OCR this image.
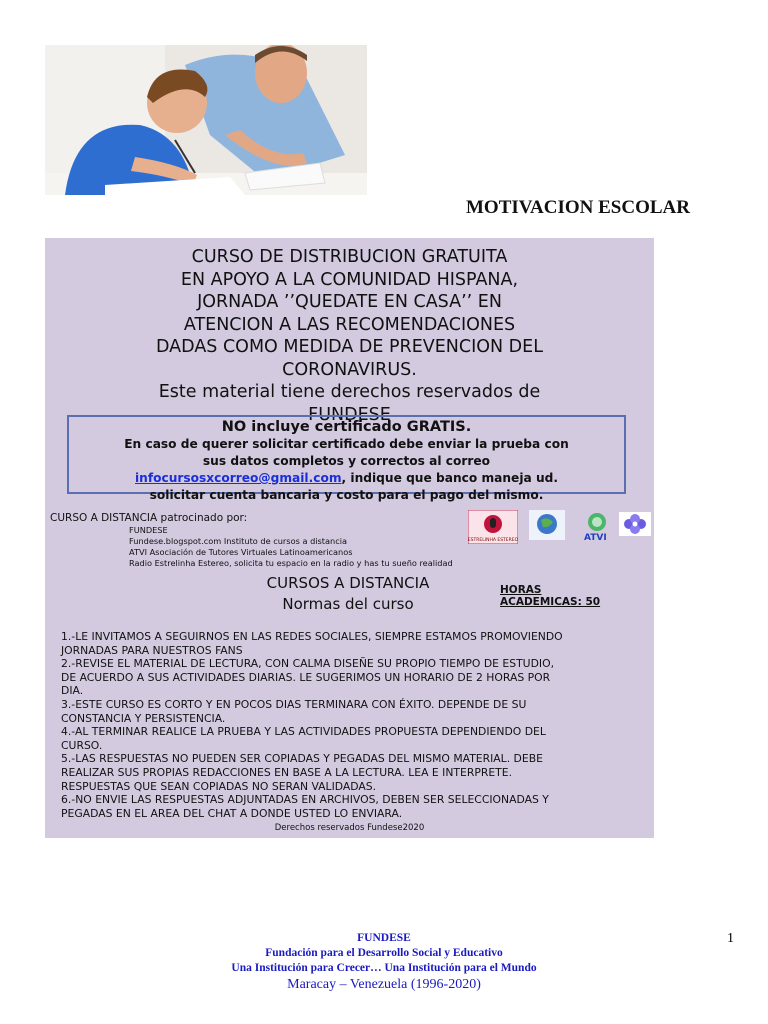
MOTIVACION ESCOLAR
CURSO DE DISTRIBUCION GRATUITA
EN APOYO A LA COMUNIDAD HISPANA,
JORNADA ’’QUEDATE EN CASA’’ EN
ATENCION A LAS RECOMENDACIONES
DADAS COMO MEDIDA DE PREVENCION DEL
CORONAVIRUS.
Este material tiene derechos reservados de
FUNDESE
NO incluye certificado GRATIS.
En caso de querer solicitar certificado debe enviar la prueba con
sus datos completos y correctos al correo
infocursosxcorreo@gmail.com, indique que banco maneja ud.
solicitar cuenta bancaria y costo para el pago del mismo.
CURSO A DISTANCIA patrocinado por:
FUNDESE
Fundese.blogspot.com Instituto de cursos a distancia
ATVI Asociación de Tutores Virtuales Latinoamericanos
Radio Estrelinha Estereo, solicita tu espacio en la radio y has tu sueño realidad
ESTRELINHA ESTEREO	ATVI
CURSOS A DISTANCIA
Normas del curso
HORAS
ACADEMICAS: 50
1.-LE INVITAMOS A SEGUIRNOS EN LAS REDES SOCIALES, SIEMPRE ESTAMOS PROMOVIENDO
JORNADAS PARA NUESTROS FANS
2.-REVISE EL MATERIAL DE LECTURA, CON CALMA DISEÑE SU PROPIO TIEMPO DE ESTUDIO,
DE ACUERDO A SUS ACTIVIDADES DIARIAS. LE SUGERIMOS UN HORARIO DE 2 HORAS POR
DIA.
3.-ESTE CURSO ES CORTO Y EN POCOS DIAS TERMINARA CON ÉXITO. DEPENDE DE SU
CONSTANCIA Y PERSISTENCIA.
4.-AL TERMINAR REALICE LA PRUEBA Y LAS ACTIVIDADES PROPUESTA DEPENDIENDO DEL
CURSO.
5.-LAS RESPUESTAS NO PUEDEN SER COPIADAS Y PEGADAS DEL MISMO MATERIAL. DEBE
REALIZAR SUS PROPIAS REDACCIONES EN BASE A LA LECTURA. LEA E INTERPRETE.
RESPUESTAS QUE SEAN COPIADAS NO SERAN VALIDADAS.
6.-NO ENVIE LAS RESPUESTAS ADJUNTADAS EN ARCHIVOS, DEBEN SER SELECCIONADAS Y
PEGADAS EN EL AREA DEL CHAT A DONDE USTED LO ENVIARA.
Derechos reservados Fundese2020
1
FUNDESE
Fundación para el Desarrollo Social y Educativo
Una Institución para Crecer… Una Institución para el Mundo
Maracay – Venezuela (1996-2020)
